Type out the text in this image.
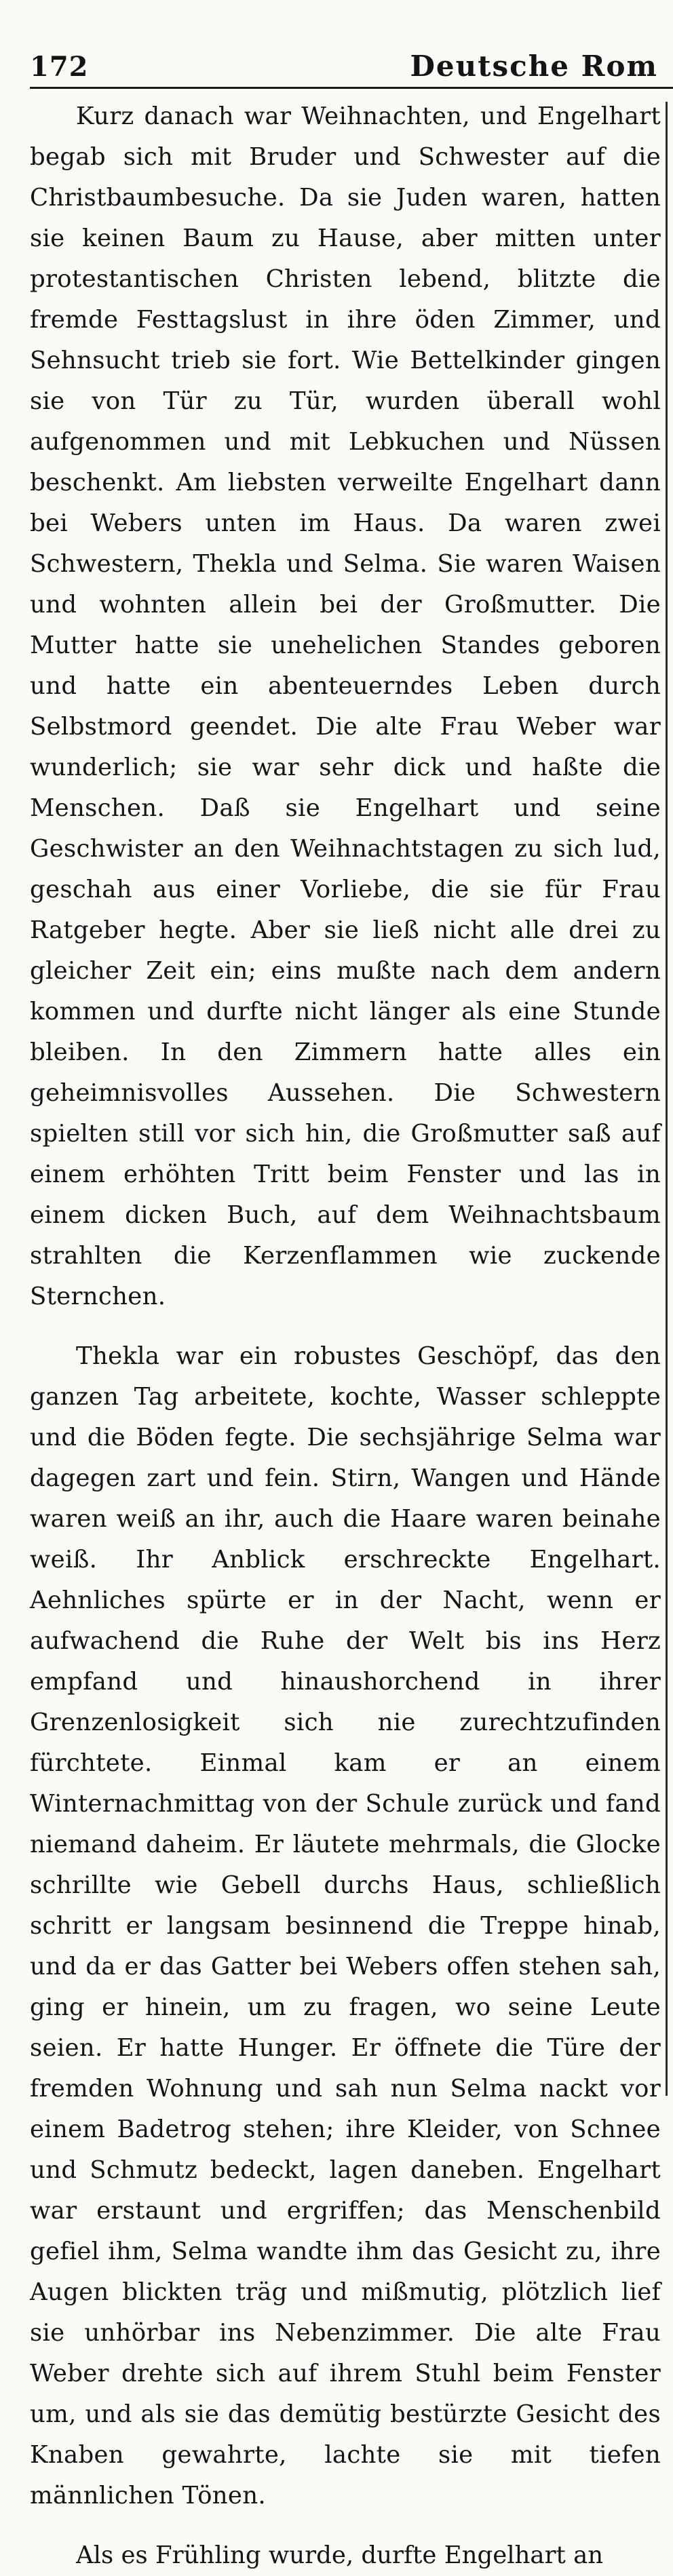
172	Deutsche Rom

Kurz danach war Weihnachten, und Engelhart begab sich mit Bruder und Schwester auf die Christbaumbesuche. Da sie Juden waren, hatten sie keinen Baum zu Hause, aber mitten unter protestantischen Christen lebend, blitzte die fremde Festtagslust in ihre öden Zimmer, und Sehnsucht trieb sie fort. Wie Bettelkinder gingen sie von Tür zu Tür, wurden überall wohl aufgenommen und mit Lebkuchen und Nüssen beschenkt. Am liebsten verweilte Engelhart dann bei Webers unten im Haus. Da waren zwei Schwestern, Thekla und Selma. Sie waren Waisen und wohnten allein bei der Großmutter. Die Mutter hatte sie unehelichen Standes geboren und hatte ein abenteuerndes Leben durch Selbstmord geendet. Die alte Frau Weber war wunderlich; sie war sehr dick und haßte die Menschen. Daß sie Engelhart und seine Geschwister an den Weihnachtstagen zu sich lud, geschah aus einer Vorliebe, die sie für Frau Ratgeber hegte. Aber sie ließ nicht alle drei zu gleicher Zeit ein; eins mußte nach dem andern kommen und durfte nicht länger als eine Stunde bleiben. In den Zimmern hatte alles ein geheimnisvolles Aussehen. Die Schwestern spielten still vor sich hin, die Großmutter saß auf einem erhöhten Tritt beim Fenster und las in einem dicken Buch, auf dem Weihnachtsbaum strahlten die Kerzenflammen wie zuckende Sternchen.

Thekla war ein robustes Geschöpf, das den ganzen Tag arbeitete, kochte, Wasser schleppte und die Böden fegte. Die sechsjährige Selma war dagegen zart und fein. Stirn, Wangen und Hände waren weiß an ihr, auch die Haare waren beinahe weiß. Ihr Anblick erschreckte Engelhart. Aehnliches spürte er in der Nacht, wenn er aufwachend die Ruhe der Welt bis ins Herz empfand und hinaushorchend in ihrer Grenzenlosigkeit sich nie zurechtzufinden fürchtete. Einmal kam er an einem Winternachmittag von der Schule zurück und fand niemand daheim. Er läutete mehrmals, die Glocke schrillte wie Gebell durchs Haus, schließlich schritt er langsam besinnend die Treppe hinab, und da er das Gatter bei Webers offen stehen sah, ging er hinein, um zu fragen, wo seine Leute seien. Er hatte Hunger. Er öffnete die Türe der fremden Wohnung und sah nun Selma nackt vor einem Badetrog stehen; ihre Kleider, von Schnee und Schmutz bedeckt, lagen daneben. Engelhart war erstaunt und ergriffen; das Menschenbild gefiel ihm, Selma wandte ihm das Gesicht zu, ihre Augen blickten träg und mißmutig, plötzlich lief sie unhörbar ins Nebenzimmer. Die alte Frau Weber drehte sich auf ihrem Stuhl beim Fenster um, und als sie das demütig bestürzte Gesicht des Knaben gewahrte, lachte sie mit tiefen männlichen Tönen.

Als es Frühling wurde, durfte Engelhart an
